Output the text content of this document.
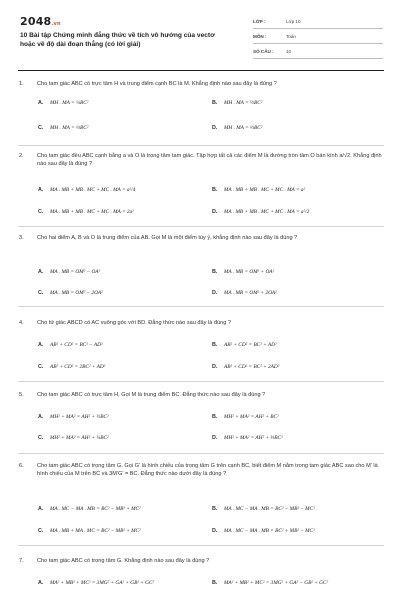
2048.vn
10 Bài tập Chứng minh đẳng thức về tích vô hướng của vectơ hoặc về độ dài đoạn thẳng (có lời giải)
LỚP :	Lớp 10
MÔN :	Toán
SỐ CÂU :	10
1.	Cho tam giác ABC có trực tâm H và trung điểm cạnh BC là M. Khẳng định nào sau đây là đúng ?
A.	MH . MA = ¼BC²	B.	MH . MA = ½BC²
C.	MH . MA = ⅓BC²	D.	MH . MA = ⅓BC²
2.	Cho tam giác đều ABC cạnh bằng a và O là trọng tâm tam giác. Tập hợp tất cả các điểm M là đường tròn tâm O bán kính a/√2. Khẳng định nào sau đây là đúng ?
A.	MA . MB + MB . MC + MC . MA = a²/4	B.	MA . MB + MB . MC + MC . MA = a²
C.	MA . MB + MB . MC + MC . MA = 2a²	D.	MA . MB + MB . MC + MC . MA = a²/2
3.	Cho hai điểm A, B và O là trung điểm của AB. Gọi M là một điểm tùy ý, khẳng định nào sau đây là đúng ?
A.	MA . MB = OM² − OA²	B.	MA . MB = OM² + OA²
C.	MA . MB = OM² − 2OA²	D.	MA . MB = OM² + 2OA²
4.	Cho tứ giác ABCD có AC vuông góc với BD. Đẳng thức nào sau đây là đúng ?
A.	AB² + CD² = BC² − AD²	B.	AB² + CD² = BC² + AD²
C.	AB² + CD² = 2BC² + AD²	D.	AB² + CD² = BC² + 2AD²
5.	Cho tam giác ABC có trực tâm H, Gọi M là trung điểm BC. Đẳng thức nào sau đây là đúng ?
A.	MH² + MA² = AH² + ½BC²	B.	MH² + MA² = AH² + BC²
C.	MH² + MA² = AH² + ¼BC²	D.	MH² + MA² = AH² + ⅓BC²
6.	Cho tam giác ABC có trọng tâm G. Gọi G' là hình chiếu của trọng tâm G trên cạnh BC, biết điểm M nằm trong tam giác ABC sao cho M' là hình chiếu của M trên BC và 3M'G' = BC. Đẳng thức nào dưới đây là đúng ?
A.	MA . MC − MA . MB = BC² − MB² + MC²	B.	MA . MC − MA . MB = BC² − MB² − MC²
C.	MA . MB + MA . MC = BC² − MB² + MC²	D.	MA . MC − MA . MB = BC² + MB² − MC²
7.	Cho tam giác ABC có trọng tâm G. Khẳng định nào sau đây là đúng ?
A.	MA² + MB² + MC² = 3MG² + GA² + GB² + GC²	B.	MA² + MB² + MC² = 3MG² + GA² − GB² + GC²
